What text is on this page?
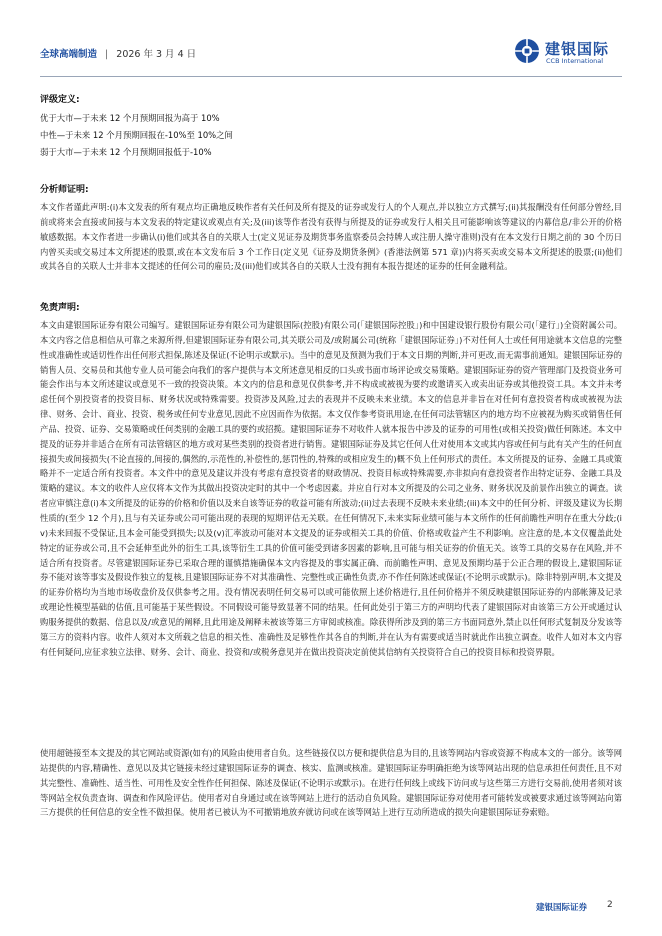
全球高端制造 | 2026 年 3 月 4 日	建银国际
CCB International
评级定义:
优于大市—于未来 12 个月预期回报为高于 10%
中性—于未来 12 个月预期回报在-10%至 10%之间
弱于大市—于未来 12 个月预期回报低于-10%
分析师证明:
本文作者谨此声明:(i)本文发表的所有观点均正确地反映作者有关任何及所有提及的证券或发行人的个人观点,并以独立方式撰写;(ii)其报酬没有任何部分曾经,目前或将来会直接或间接与本文发表的特定建议或观点有关;及(iii)该等作者没有获得与所提及的证券或发行人相关且可能影响该等建议的内幕信息/非公开的价格敏感数据。本文作者进一步确认(i)他们或其各自的关联人士(定义见证券及期货事务监察委员会持牌人或注册人操守准则)没有在本文发行日期之前的 30 个历日内曾买卖或交易过本文所提述的股票,或在本文发布后 3 个工作日(定义见《证券及期货条例》(香港法例第 571 章))内将买卖或交易本文所提述的股票;(ii)他们或其各自的关联人士并非本文提述的任何公司的雇员;及(iii)他们或其各自的关联人士没有拥有本报告提述的证券的任何金融利益。
免责声明:
本文由建银国际证券有限公司编写。建银国际证券有限公司为建银国际(控股)有限公司(「建银国际控股」)和中国建设银行股份有限公司(「建行」)全资附属公司。本文内容之信息相信从可靠之来源所得,但建银国际证券有限公司,其关联公司及/或附属公司(统称「建银国际证券」)不对任何人士或任何用途就本文信息的完整性或准确性或适切性作出任何形式担保,陈述及保证(不论明示或默示)。当中的意见及预测为我们于本文日期的判断,并可更改,而无需事前通知。建银国际证券的销售人员、交易员和其他专业人员可能会向我们的客户提供与本文所述意见相反的口头或书面市场评论或交易策略。建银国际证券的资产管理部门及投资业务可能会作出与本文所述建议或意见不一致的投资决策。本文内的信息和意见仅供参考,并不构成或被视为要约或邀请买入或卖出证券或其他投资工具。本文并未考虑任何个别投资者的投资目标、财务状况或特殊需要。投资涉及风险,过去的表现并不反映未来业绩。本文的信息并非旨在对任何有意投资者构成或被视为法律、财务、会计、商业、投资、税务或任何专业意见,因此不应因而作为依据。本文仅作参考资讯用途,在任何司法管辖区内的地方均不应被视为购买或销售任何产品、投资、证券、交易策略或任何类别的金融工具的要约或招揽。建银国际证券不对收件人就本报告中涉及的证券的可用性(或相关投资)做任何陈述。本文中提及的证券并非适合在所有司法管辖区的地方或对某些类别的投资者进行销售。建银国际证券及其它任何人仕对使用本文或其内容或任何与此有关产生的任何直接损失或间接损失(不论直接的,间接的,偶然的,示范性的,补偿性的,惩罚性的,特殊的或相应发生的)概不负上任何形式的责任。本文所提及的证券、金融工具或策略并不一定适合所有投资者。本文件中的意见及建议并没有考虑有意投资者的财政情况、投资目标或特殊需要,亦非拟向有意投资者作出特定证券、金融工具及策略的建议。本文的收件人应仅将本文作为其做出投资决定时的其中一个考虑因素。并应自行对本文所提及的公司之业务、财务状况及前景作出独立的调查。读者应审慎注意(i)本文所提及的证券的价格和价值以及来自该等证券的收益可能有所波动;(ii)过去表现不反映未来业绩;(iii)本文中的任何分析、评级及建议为长期性质的(至少 12 个月),且与有关证券或公司可能出现的表现的短期评估无关联。在任何情况下,未来实际业绩可能与本文所作的任何前瞻性声明存在重大分歧;(iv)未来回报不受保证,且本金可能受到损失;以及(v)汇率波动可能对本文提及的证券或相关工具的价值、价格或收益产生不利影响。应注意的是,本文仅覆盖此处特定的证券或公司,且不会延伸至此外的衍生工具,该等衍生工具的价值可能受到诸多因素的影响,且可能与相关证券的价值无关。该等工具的交易存在风险,并不适合所有投资者。尽管建银国际证券已采取合理的谨慎措施确保本文内容提及的事实属正确、而前瞻性声明、意见及预期均基于公正合理的假设上,建银国际证券不能对该等事实及假设作独立的复核,且建银国际证券不对其准确性、完整性或正确性负责,亦不作任何陈述或保证(不论明示或默示)。除非特别声明,本文提及的证券价格均为当地市场收盘价及仅供参考之用。没有情况表明任何交易可以或可能依照上述价格进行,且任何价格并不须反映建银国际证券的内部帐簿及记录或理论性模型基础的估值,且可能基于某些假设。不同假设可能导致显著不同的结果。任何此处引于第三方的声明均代表了建银国际对由该第三方公开或通过认购服务提供的数据、信息以及/或意见的阐释,且此用途及阐释未被该等第三方审阅或核准。除获得所涉及到的第三方书面同意外,禁止以任何形式复制及分发该等第三方的资料内容。收件人须对本文所载之信息的相关性、准确性及足够性作其各自的判断,并在认为有需要或适当时就此作出独立调查。收件人如对本文内容有任何疑问,应征求独立法律、财务、会计、商业、投资和/或税务意见并在做出投资决定前使其信纳有关投资符合自己的投资目标和投资界限。
使用超链接至本文提及的其它网站或资源(如有)的风险由使用者自负。这些链接仅以方便和提供信息为目的,且该等网站内容或资源不构成本文的一部分。该等网站提供的内容,精确性、意见以及其它链接未经过建银国际证券的调查、核实、监测或核准。建银国际证券明确拒绝为该等网站出现的信息承担任何责任,且不对其完整性、准确性、适当性、可用性及安全性作任何担保、陈述及保证(不论明示或默示)。在进行任何线上或线下访问或与这些第三方进行交易前,使用者须对该等网站全权负责查询、调查和作风险评估。使用者对自身通过或在该等网站上进行的活动自负风险。建银国际证券对使用者可能转发或被要求通过该等网站向第三方提供的任何信息的安全性不做担保。使用者已被认为不可撤销地放弃就访问或在该等网站上进行互动所造成的损失向建银国际证券索赔。
建银国际证券 2
